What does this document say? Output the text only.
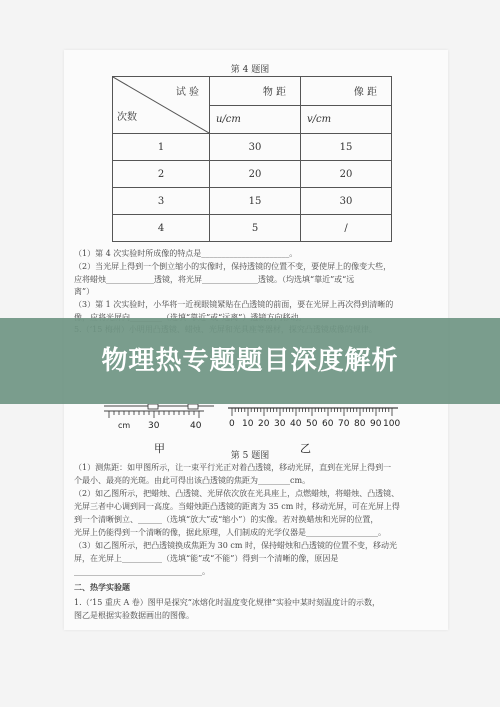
第 4 题图
试 验
次数	物 距	像 距
	u/cm	v/cm
1	30	15
2	20	20
3	15	30
4	5	/
（1）第 4 次实验时所成像的特点是______________________。
（2）当光屏上得到一个倒立缩小的实像时，保持透镜的位置不变，要使屏上的像变大些，
应将蜡烛____________透镜，将光屏______________透镜。（均选填“靠近”或“远
离”）
（3）第 1 次实验时，小华将一近视眼镜紧贴在凸透镜的前面，要在光屏上再次得到清晰的
物理热专题题目深度解析
cm 30	40
甲
0 10 20 30 40 50 60 70 80 90 100
乙
第 5 题图
（1）测焦距：如甲图所示，让一束平行光正对着凸透镜，移动光屏，直到在光屏上得到一
个最小、最亮的光斑。由此可得出该凸透镜的焦距为________cm。
（2）如乙图所示，把蜡烛、凸透镜、光屏依次放在光具座上，点燃蜡烛，将蜡烛、凸透镜、
光屏三者中心调到同一高度。当蜡烛距凸透镜的距离为 35 cm 时，移动光屏，可在光屏上得
到一个清晰倒立、______（选填“放大”或“缩小”）的实像。若对换蜡烛和光屏的位置，
光屏上仍能得到一个清晰的像，据此原理，人们制成的光学仪器是__________________。
（3）如乙图所示，把凸透镜换成焦距为 30 cm 时，保持蜡烛和凸透镜的位置不变，移动光
屏，在光屏上__________（选填“能”或“不能”）得到一个清晰的像，原因是
________________________________。
二、热学实验题
1.（‘15 重庆 A 卷）图甲是探究“冰熔化时温度变化规律”实验中某时刻温度计的示数，
图乙是根据实验数据画出的图像。
